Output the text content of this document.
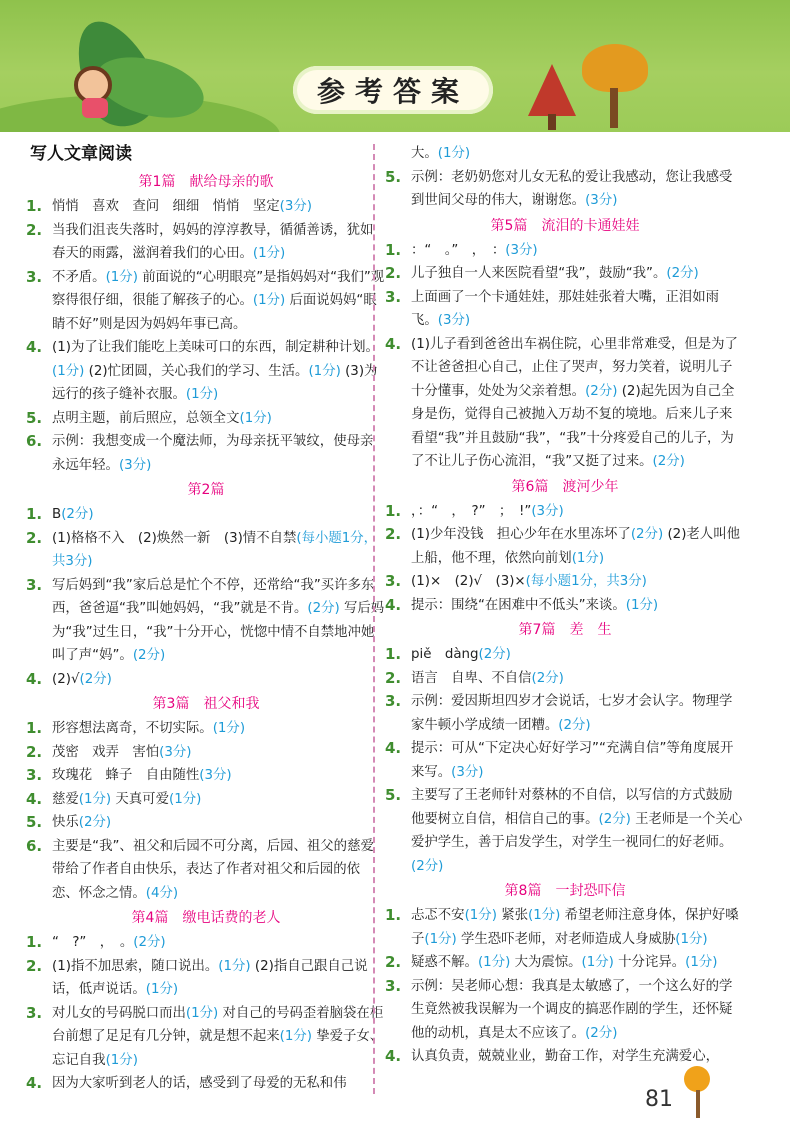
参考答案
写人文章阅读
第1篇　献给母亲的歌
1. 悄悄　喜欢　查问　细细　悄悄　坚定(3分)
2. 当我们沮丧失落时，妈妈的淳淳教导，循循善诱，犹如春天的雨露，滋润着我们的心田。(1分)
3. 不矛盾。(1分) 前面说的“心明眼亮”是指妈妈对“我们”观察得很仔细，很能了解孩子的心。(1分) 后面说妈妈“眼睛不好”则是因为妈妈年事已高。
4. (1)为了让我们能吃上美味可口的东西，制定耕种计划。(1分) (2)忙团圆，关心我们的学习、生活。(1分) (3)为远行的孩子缝补衣服。(1分)
5. 点明主题，前后照应，总领全文(1分)
6. 示例：我想变成一个魔法师，为母亲抚平皱纹，使母亲永远年轻。(3分)
第2篇
1. B(2分)
2. (1)格格不入　(2)焕然一新　(3)情不自禁(每小题1分，共3分)
3. 写后妈到“我”家后总是忙个不停，还常给“我”买许多东西，爸爸逼“我”叫她妈妈，“我”就是不肯。(2分) 写后妈为“我”过生日，“我”十分开心，恍惚中情不自禁地冲她叫了声“妈”。(2分)
4. (2)√(2分)
第3篇　祖父和我
1. 形容想法离奇，不切实际。(1分)
2. 茂密　戏弄　害怕(3分)
3. 玫瑰花　蜂子　自由随性(3分)
4. 慈爱(1分) 天真可爱(1分)
5. 快乐(2分)
6. 主要是“我”、祖父和后园不可分离，后园、祖父的慈爱带给了作者自由快乐，表达了作者对祖父和后园的依恋、怀念之情。(4分)
第4篇　缴电话费的老人
1. “　?”　，　。(2分)
2. (1)指不加思索，随口说出。(1分) (2)指自己跟自己说话，低声说话。(1分)
3. 对儿女的号码脱口而出(1分) 对自己的号码歪着脑袋在柜台前想了足足有几分钟，就是想不起来(1分) 挚爱子女、忘记自我(1分)
4. 因为大家听到老人的话，感受到了母爱的无私和伟
大。(1分)
5. 示例：老奶奶您对儿女无私的爱让我感动，您让我感受到世间父母的伟大，谢谢您。(3分)
第5篇　流泪的卡通娃娃
1. ：“　。”　，　：(3分)
2. 儿子独自一人来医院看望“我”，鼓励“我”。(2分)
3. 上面画了一个卡通娃娃，那娃娃张着大嘴，正泪如雨飞。(3分)
4. (1)儿子看到爸爸出车祸住院，心里非常难受，但是为了不让爸爸担心自己，止住了哭声，努力笑着，说明儿子十分懂事，处处为父亲着想。(2分) (2)起先因为自己全身是伤，觉得自己被抛入万劫不复的境地。后来儿子来看望“我”并且鼓励“我”，“我”十分疼爱自己的儿子，为了不让儿子伤心流泪，“我”又挺了过来。(2分)
第6篇　渡河少年
1. ，：“　，　?”　；　!”(3分)
2. (1)少年没钱　担心少年在水里冻坏了(2分) (2)老人叫他上船，他不理，依然向前划(1分)
3. (1)×　(2)√　(3)×(每小题1分，共3分)
4. 提示：围绕“在困难中不低头”来谈。(1分)
第7篇　差　生
1. piě　dàng(2分)
2. 语言　自卑、不自信(2分)
3. 示例：爱因斯坦四岁才会说话，七岁才会认字。物理学家牛顿小学成绩一团糟。(2分)
4. 提示：可从“下定决心好好学习”“充满自信”等角度展开来写。(3分)
5. 主要写了王老师针对蔡林的不自信，以写信的方式鼓励他要树立自信，相信自己的事。(2分) 王老师是一个关心爱护学生，善于启发学生，对学生一视同仁的好老师。(2分)
第8篇　一封恐吓信
1. 忐忑不安(1分) 紧张(1分) 希望老师注意身体，保护好嗓子(1分) 学生恐吓老师，对老师造成人身威胁(1分)
2. 疑惑不解。(1分) 大为震惊。(1分) 十分诧异。(1分)
3. 示例：吴老师心想：我真是太敏感了，一个这么好的学生竟然被我误解为一个调皮的搞恶作剧的学生，还怀疑他的动机，真是太不应该了。(2分)
4. 认真负责，兢兢业业，勤奋工作，对学生充满爱心，
81
